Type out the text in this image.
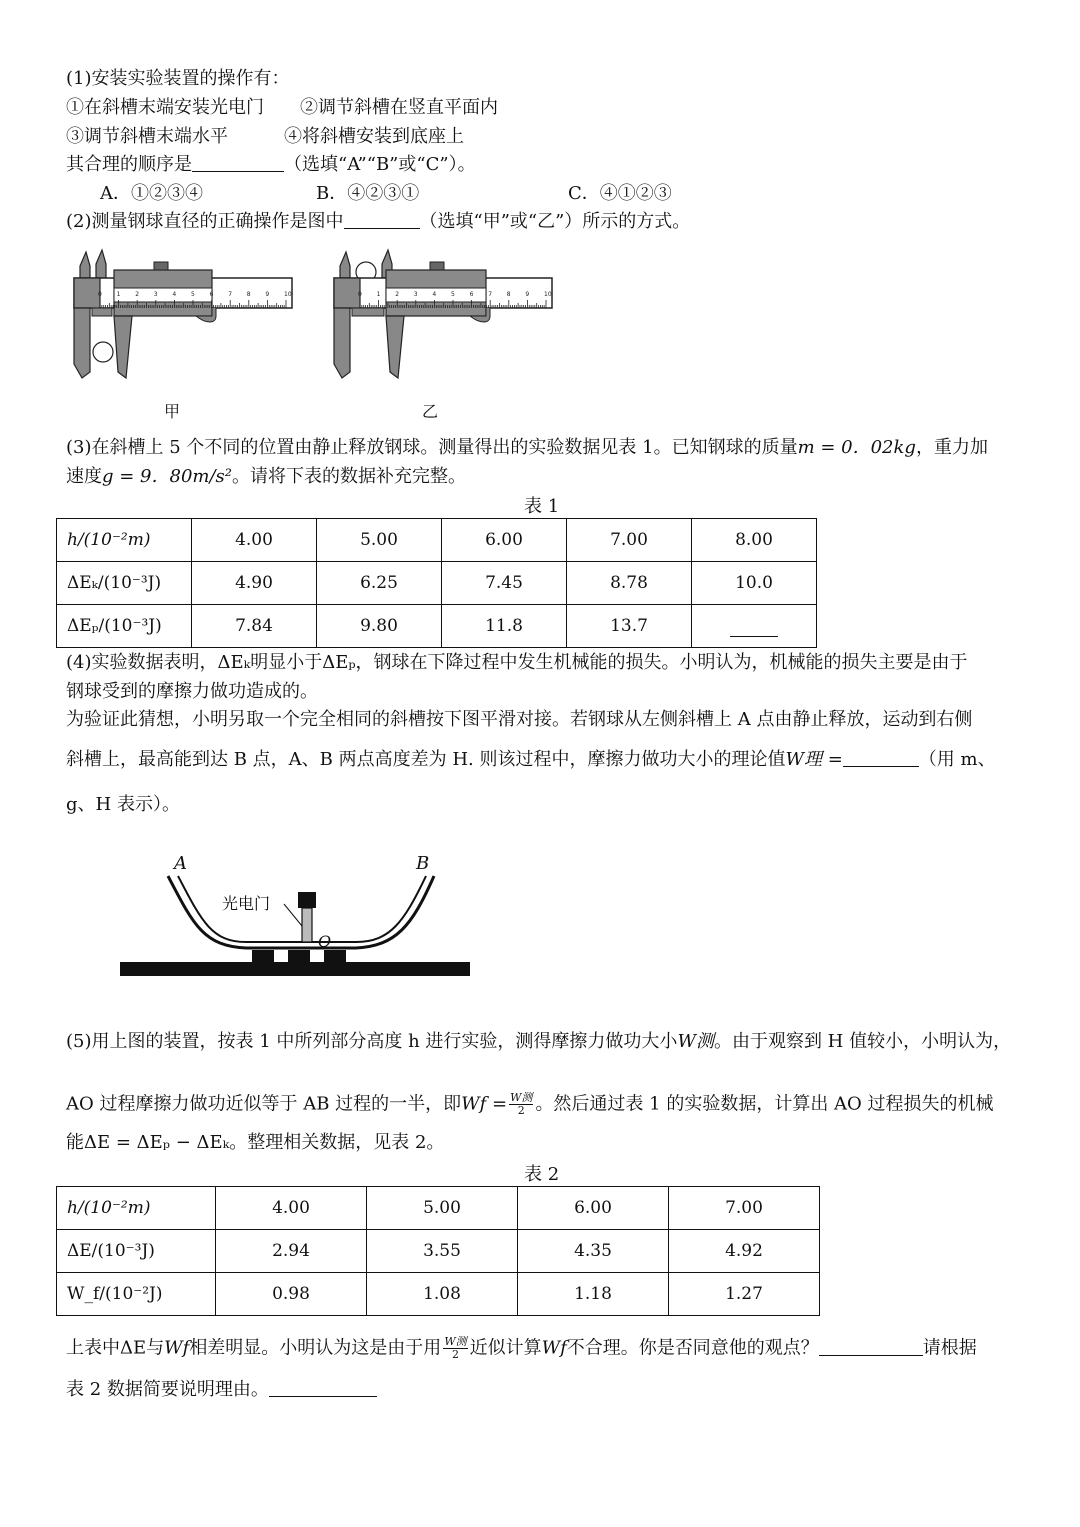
(1)安装实验装置的操作有：
①在斜槽末端安装光电门 ②调节斜槽在竖直平面内
③调节斜槽末端水平	④将斜槽安装到底座上
其合理的顺序是	（选填“A”“B”或“C”）。
A．①②③④	B．④②③①	C．④①②③
(2)测量钢球直径的正确操作是图中	（选填“甲”或“乙”）所示的方式。
0 1 2 3 4 5 6 7 8 9 10
甲
0 1 2 3 4 5 6 7 8 9 10
乙
(3)在斜槽上 5 个不同的位置由静止释放钢球。测量得出的实验数据见表 1。已知钢球的质量m = 0．02kg，重力加
速度g = 9．80m/s²。请将下表的数据补充完整。
表 1
h/(10⁻²m)	4.00	5.00	6.00	7.00	8.00
ΔEₖ/(10⁻³J)	4.90	6.25	7.45	8.78	10.0
ΔEₚ/(10⁻³J)	7.84	9.80	11.8	13.7	
(4)实验数据表明，ΔEₖ明显小于ΔEₚ，钢球在下降过程中发生机械能的损失。小明认为，机械能的损失主要是由于
钢球受到的摩擦力做功造成的。
为验证此猜想，小明另取一个完全相同的斜槽按下图平滑对接。若钢球从左侧斜槽上 A 点由静止释放，运动到右侧
斜槽上，最高能到达 B 点，A、B 两点高度差为 H. 则该过程中，摩擦力做功大小的理论值W理 =	（用 m、
g、H 表示）。
A	B
光电门
O
(5)用上图的装置，按表 1 中所列部分高度 h 进行实验，测得摩擦力做功大小W测。由于观察到 H 值较小，小明认为，
AO 过程摩擦力做功近似等于 AB 过程的一半，即$Wf = \frac{\text{W测}}{2}$ 。然后通过表 1 的实验数据，计算出 AO 过程损失的机械
能ΔE = ΔEₚ − ΔEₖ。整理相关数据，见表 2。
表 2
h/(10⁻²m)	4.00	5.00	6.00	7.00
ΔE/(10⁻³J)	2.94	3.55	4.35	4.92
W_f/(10⁻²J)	0.98	1.08	1.18	1.27
上表中ΔE与Wf相差明显。小明认为这是由于用 $\frac{\text{W测}}{2}$ 近似计算Wf不合理。你是否同意他的观点？	请根据
表 2 数据简要说明理由。
